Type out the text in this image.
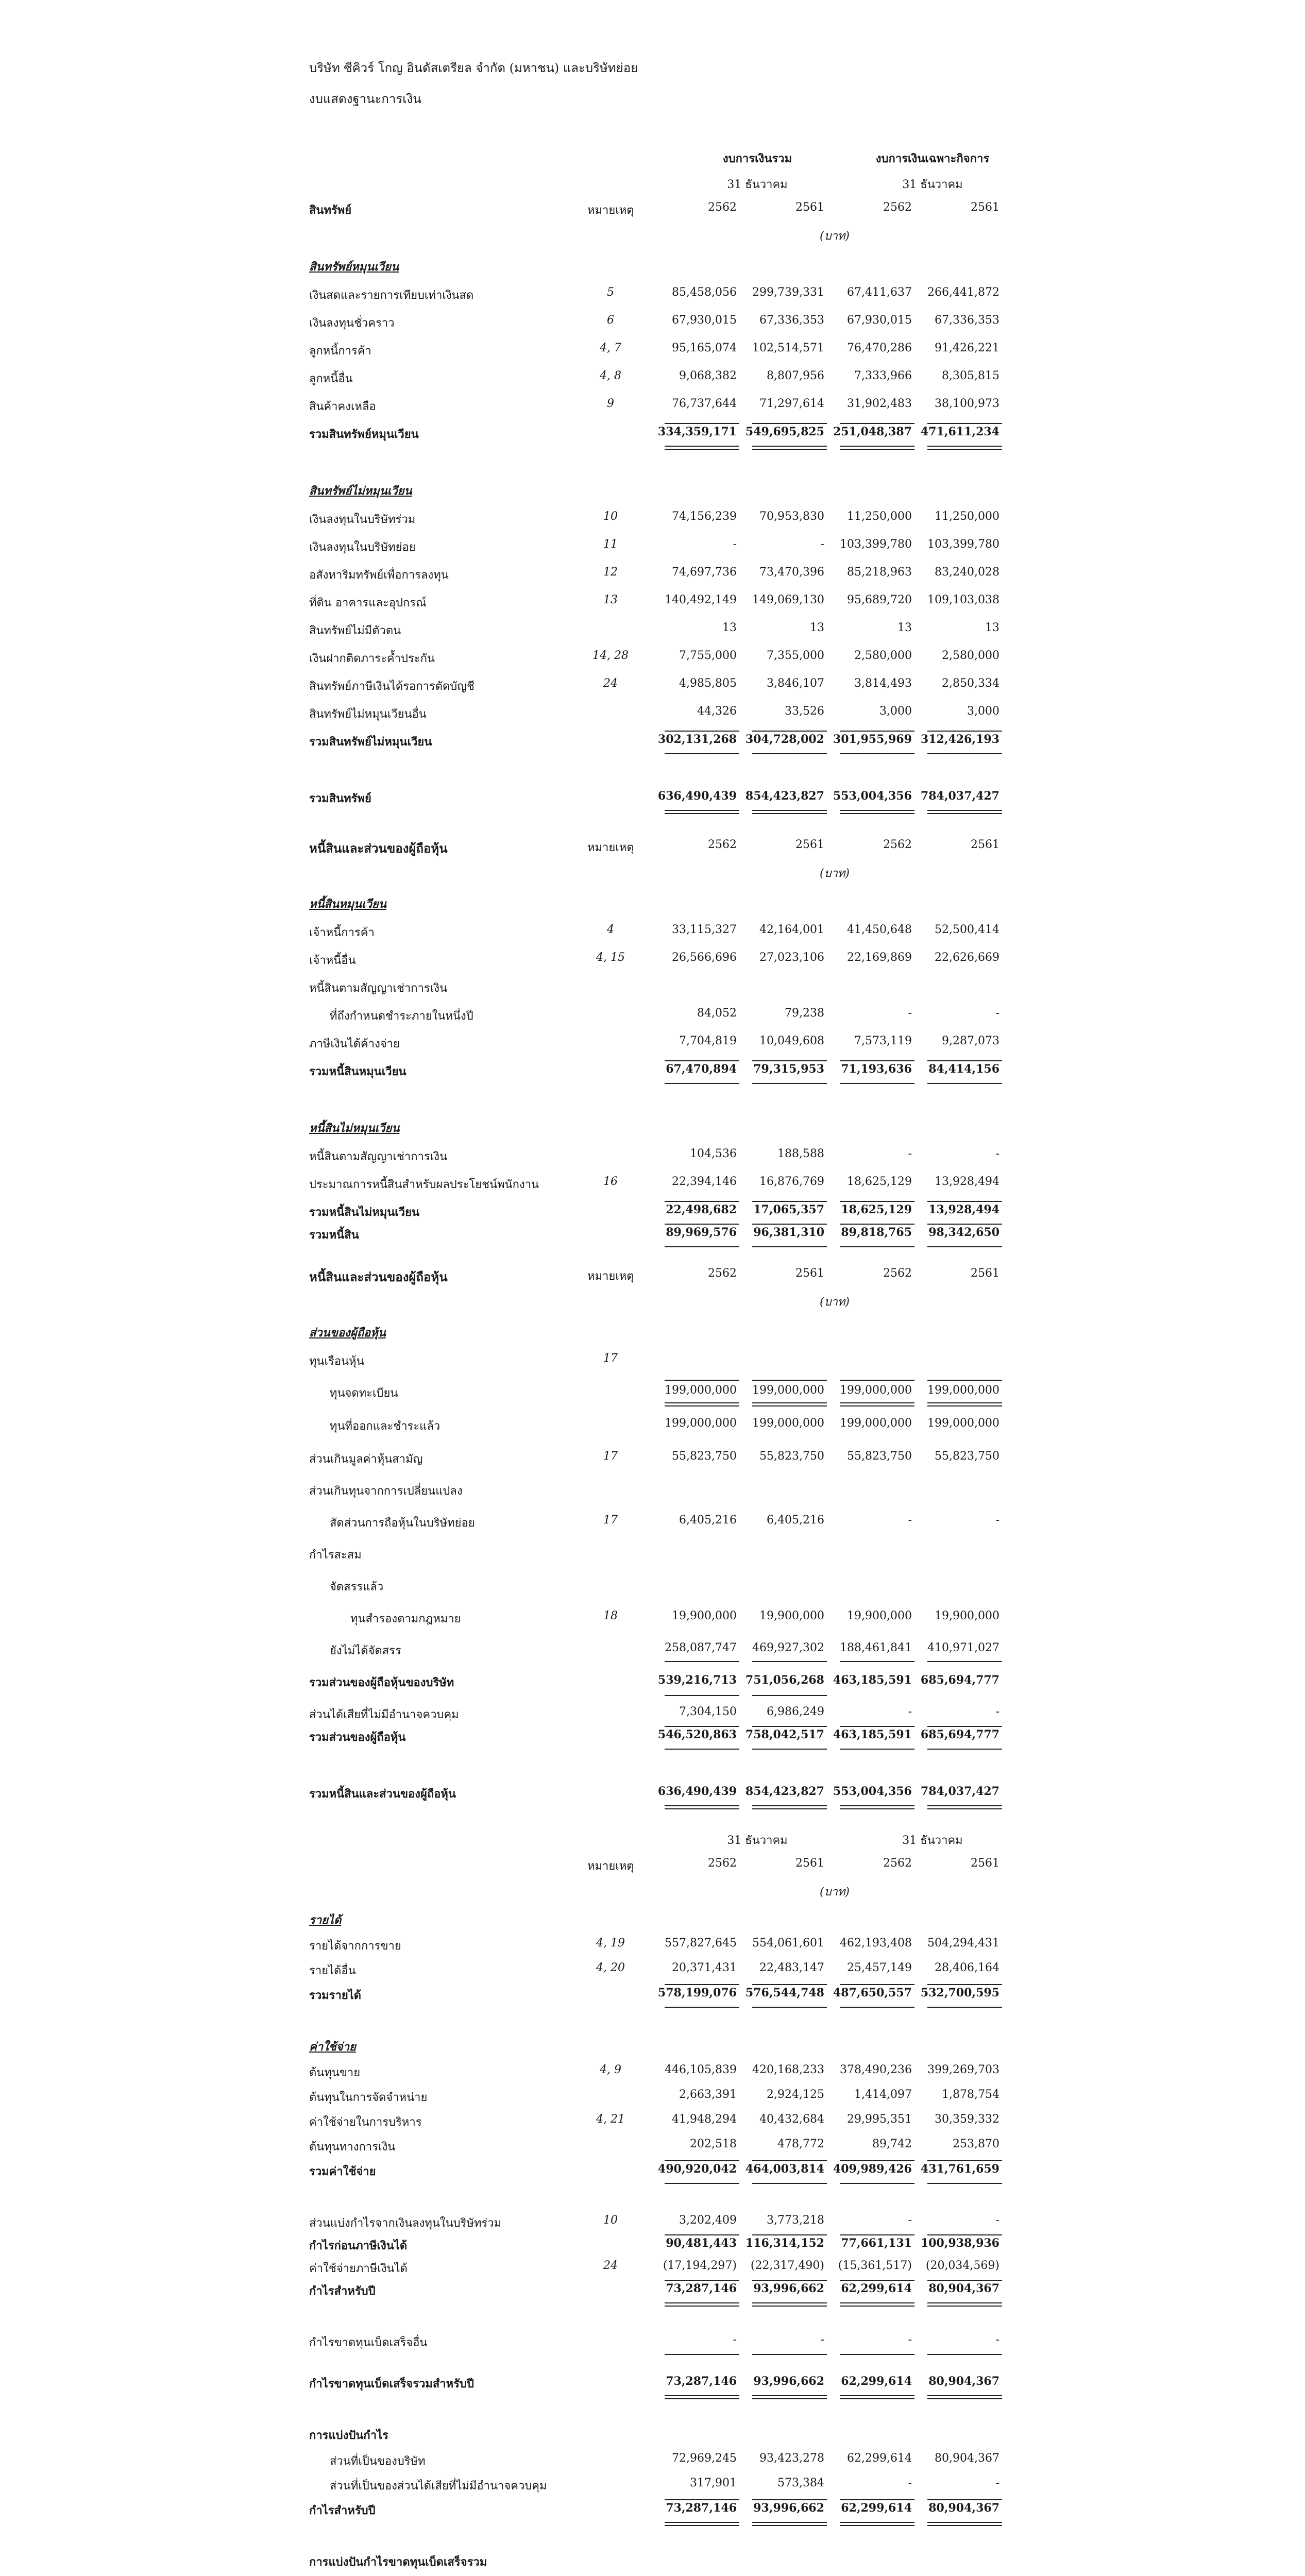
บริษัท ซีคิวร์ โกญ อินดัสเตรียล จำกัด (มหาชน) และบริษัทย่อย
งบแสดงฐานะการเงิน
งบการเงินรวม	งบการเงินเฉพาะกิจการ
31 ธันวาคม	31 ธันวาคม
สินทรัพย์	หมายเหตุ	2562	2561	2562	2561
(บาท)
สินทรัพย์หมุนเวียน
เงินสดและรายการเทียบเท่าเงินสด	5	85,458,056	299,739,331	67,411,637	266,441,872
เงินลงทุนชั่วคราว	6	67,930,015	67,336,353	67,930,015	67,336,353
ลูกหนี้การค้า	4, 7	95,165,074	102,514,571	76,470,286	91,426,221
ลูกหนี้อื่น	4, 8	9,068,382	8,807,956	7,333,966	8,305,815
สินค้าคงเหลือ	9	76,737,644	71,297,614	31,902,483	38,100,973
รวมสินทรัพย์หมุนเวียน	334,359,171 549,695,825 251,048,387 471,611,234
สินทรัพย์ไม่หมุนเวียน
เงินลงทุนในบริษัทร่วม	10	74,156,239	70,953,830	11,250,000	11,250,000
เงินลงทุนในบริษัทย่อย	11	-	-	103,399,780	103,399,780
อสังหาริมทรัพย์เพื่อการลงทุน	12	74,697,736	73,470,396	85,218,963	83,240,028
ที่ดิน อาคารและอุปกรณ์	13	140,492,149	149,069,130	95,689,720	109,103,038
สินทรัพย์ไม่มีตัวตน	13	13	13	13
เงินฝากติดภาระค้ำประกัน	14, 28	7,755,000	7,355,000	2,580,000	2,580,000
สินทรัพย์ภาษีเงินได้รอการตัดบัญชี	24	4,985,805	3,846,107	3,814,493	2,850,334
สินทรัพย์ไม่หมุนเวียนอื่น	44,326	33,526	3,000	3,000
รวมสินทรัพย์ไม่หมุนเวียน	302,131,268 304,728,002 301,955,969 312,426,193
รวมสินทรัพย์	636,490,439 854,423,827 553,004,356 784,037,427
หนี้สินและส่วนของผู้ถือหุ้น	หมายเหตุ	2562	2561	2562	2561
(บาท)
หนี้สินหมุนเวียน
เจ้าหนี้การค้า	4	33,115,327	42,164,001	41,450,648	52,500,414
เจ้าหนี้อื่น	4, 15	26,566,696	27,023,106	22,169,869	22,626,669
หนี้สินตามสัญญาเช่าการเงิน
ที่ถึงกำหนดชำระภายในหนึ่งปี	84,052	79,238	-	-
ภาษีเงินได้ค้างจ่าย	7,704,819	10,049,608	7,573,119	9,287,073
รวมหนี้สินหมุนเวียน	67,470,894	79,315,953	71,193,636	84,414,156
หนี้สินไม่หมุนเวียน
หนี้สินตามสัญญาเช่าการเงิน	104,536	188,588	-	-
ประมาณการหนี้สินสำหรับผลประโยชน์พนักงาน	16	22,394,146	16,876,769	18,625,129	13,928,494
รวมหนี้สินไม่หมุนเวียน	22,498,682	17,065,357	18,625,129	13,928,494
รวมหนี้สิน	89,969,576	96,381,310	89,818,765	98,342,650
หนี้สินและส่วนของผู้ถือหุ้น	หมายเหตุ	2562	2561	2562	2561
(บาท)
ส่วนของผู้ถือหุ้น
ทุนเรือนหุ้น	17
ทุนจดทะเบียน	199,000,000	199,000,000	199,000,000	199,000,000
ทุนที่ออกและชำระแล้ว	199,000,000	199,000,000	199,000,000	199,000,000
ส่วนเกินมูลค่าหุ้นสามัญ	17	55,823,750	55,823,750	55,823,750	55,823,750
ส่วนเกินทุนจากการเปลี่ยนแปลง
สัดส่วนการถือหุ้นในบริษัทย่อย	17	6,405,216	6,405,216	-	-
กำไรสะสม
จัดสรรแล้ว
ทุนสำรองตามกฎหมาย	18	19,900,000	19,900,000	19,900,000	19,900,000
ยังไม่ได้จัดสรร	258,087,747	469,927,302	188,461,841	410,971,027
รวมส่วนของผู้ถือหุ้นของบริษัท	539,216,713 751,056,268 463,185,591 685,694,777
ส่วนได้เสียที่ไม่มีอำนาจควบคุม	7,304,150	6,986,249	-	-
รวมส่วนของผู้ถือหุ้น	546,520,863 758,042,517 463,185,591 685,694,777
รวมหนี้สินและส่วนของผู้ถือหุ้น	636,490,439 854,423,827 553,004,356 784,037,427
31 ธันวาคม	31 ธันวาคม
หมายเหตุ	2562	2561	2562	2561
(บาท)
รายได้
รายได้จากการขาย	4, 19	557,827,645	554,061,601	462,193,408	504,294,431
รายได้อื่น	4, 20	20,371,431	22,483,147	25,457,149	28,406,164
รวมรายได้	578,199,076 576,544,748 487,650,557 532,700,595
ค่าใช้จ่าย
ต้นทุนขาย	4, 9	446,105,839	420,168,233	378,490,236	399,269,703
ต้นทุนในการจัดจำหน่าย	2,663,391	2,924,125	1,414,097	1,878,754
ค่าใช้จ่ายในการบริหาร	4, 21	41,948,294	40,432,684	29,995,351	30,359,332
ต้นทุนทางการเงิน	202,518	478,772	89,742	253,870
รวมค่าใช้จ่าย	490,920,042 464,003,814 409,989,426 431,761,659
ส่วนแบ่งกำไรจากเงินลงทุนในบริษัทร่วม	10	3,202,409	3,773,218	-	-
กำไรก่อนภาษีเงินได้	90,481,443 116,314,152	77,661,131 100,938,936
ค่าใช้จ่ายภาษีเงินได้	24	(17,194,297)	(22,317,490)	(15,361,517)	(20,034,569)
กำไรสำหรับปี	73,287,146	93,996,662	62,299,614	80,904,367
กำไรขาดทุนเบ็ดเสร็จอื่น	-	-	-	-
กำไรขาดทุนเบ็ดเสร็จรวมสำหรับปี	73,287,146	93,996,662	62,299,614	80,904,367
การแบ่งปันกำไร
ส่วนที่เป็นของบริษัท	72,969,245	93,423,278	62,299,614	80,904,367
ส่วนที่เป็นของส่วนได้เสียที่ไม่มีอำนาจควบคุม	317,901	573,384	-	-
กำไรสำหรับปี	73,287,146	93,996,662	62,299,614	80,904,367
การแบ่งปันกำไรขาดทุนเบ็ดเสร็จรวม
